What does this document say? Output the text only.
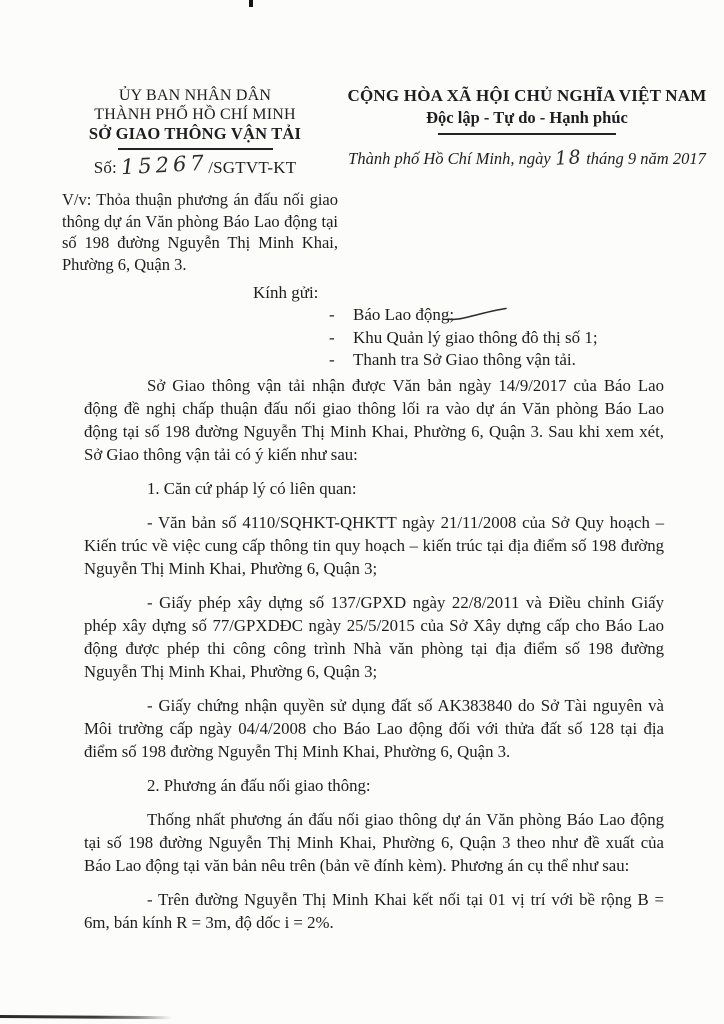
ỦY BAN NHÂN DÂN
THÀNH PHỐ HỒ CHÍ MINH
SỞ GIAO THÔNG VẬN TẢI
Số: 15267/SGTVT-KT
CỘNG HÒA XÃ HỘI CHỦ NGHĨA VIỆT NAM
Độc lập - Tự do - Hạnh phúc
Thành phố Hồ Chí Minh, ngày 18 tháng 9 năm 2017
V/v: Thỏa thuận phương án đấu nối giao thông dự án Văn phòng Báo Lao động tại số 198 đường Nguyễn Thị Minh Khai, Phường 6, Quận 3.
Kính gửi:
-	Báo Lao động;
-	Khu Quản lý giao thông đô thị số 1;
-	Thanh tra Sở Giao thông vận tải.

Sở Giao thông vận tải nhận được Văn bản ngày 14/9/2017 của Báo Lao động đề nghị chấp thuận đấu nối giao thông lối ra vào dự án Văn phòng Báo Lao động tại số 198 đường Nguyễn Thị Minh Khai, Phường 6, Quận 3. Sau khi xem xét, Sở Giao thông vận tải có ý kiến như sau:

1. Căn cứ pháp lý có liên quan:

- Văn bản số 4110/SQHKT-QHKTT ngày 21/11/2008 của Sở Quy hoạch – Kiến trúc về việc cung cấp thông tin quy hoạch – kiến trúc tại địa điểm số 198 đường Nguyễn Thị Minh Khai, Phường 6, Quận 3;

- Giấy phép xây dựng số 137/GPXD ngày 22/8/2011 và Điều chỉnh Giấy phép xây dựng số 77/GPXDĐC ngày 25/5/2015 của Sở Xây dựng cấp cho Báo Lao động được phép thi công công trình Nhà văn phòng tại địa điểm số 198 đường Nguyễn Thị Minh Khai, Phường 6, Quận 3;

- Giấy chứng nhận quyền sử dụng đất số AK383840 do Sở Tài nguyên và Môi trường cấp ngày 04/4/2008 cho Báo Lao động đối với thửa đất số 128 tại địa điểm số 198 đường Nguyễn Thị Minh Khai, Phường 6, Quận 3.

2. Phương án đấu nối giao thông:

Thống nhất phương án đấu nối giao thông dự án Văn phòng Báo Lao động tại số 198 đường Nguyễn Thị Minh Khai, Phường 6, Quận 3 theo như đề xuất của Báo Lao động tại văn bản nêu trên (bản vẽ đính kèm). Phương án cụ thể như sau:

- Trên đường Nguyễn Thị Minh Khai kết nối tại 01 vị trí với bề rộng B = 6m, bán kính R = 3m, độ dốc i = 2%.
